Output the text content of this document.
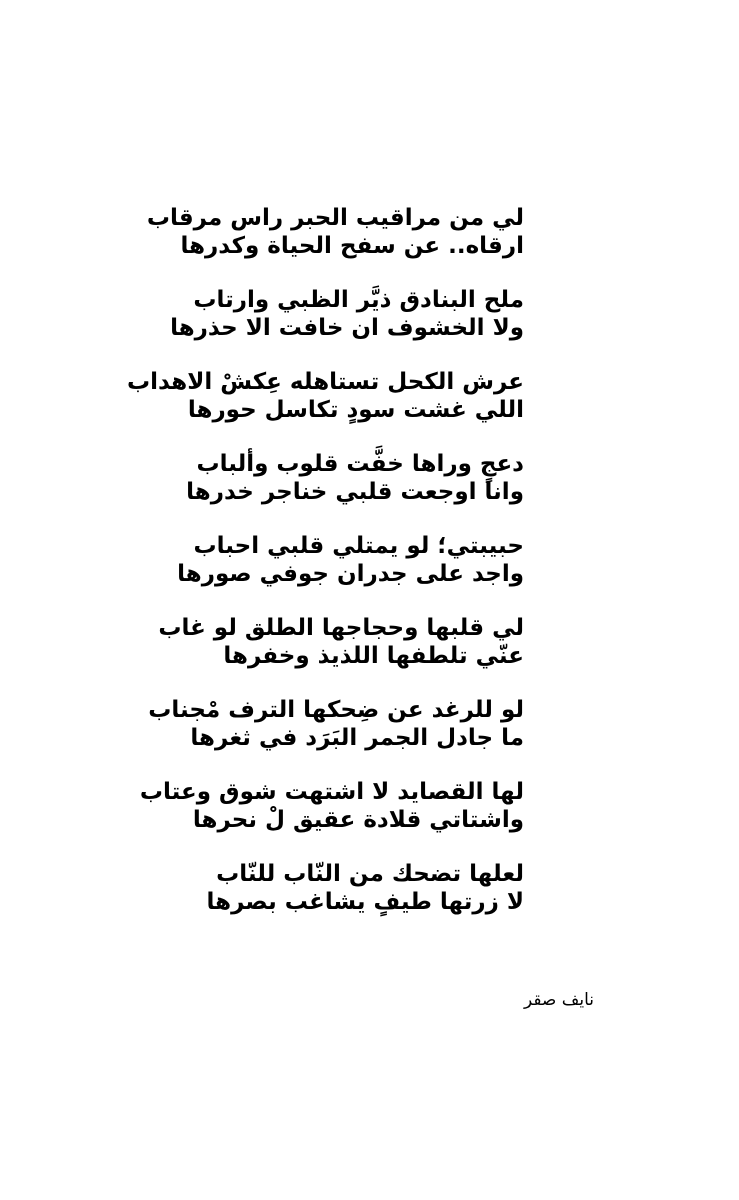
لي من مراقيب الحبر راس مرقاب
ارقاه.. عن سفح الحياة وكدرها
ملح البنادق ذيَّر الظبي وارتاب
ولا الخشوف ان خافت الا حذرها
عرش الكحل تستاهله عِكشْ الاهداب
اللي غشت سودٍ تكاسل حورها
دعجٍ وراها خفَّت قلوب وألباب
وانا اوجعت قلبي خناجر خدرها
حبيبتي؛ لو يمتلي قلبي احباب
واجد على جدران جوفي صورها
لي قلبها وحجاجها الطلق لو غاب
عنّي تلطفها اللذيذ وخفرها
لو للرغد عن ضِحكها الترف مْجناب
ما جادل الجمر البَرَد في ثغرها
لها القصايد لا اشتهت شوق وعتاب
واشتاتي قلادة عقيق لْ نحرها
لعلها تضحك من النّاب للنّاب
لا زرتها طيفٍ يشاغب بصرها
نايف صقر
